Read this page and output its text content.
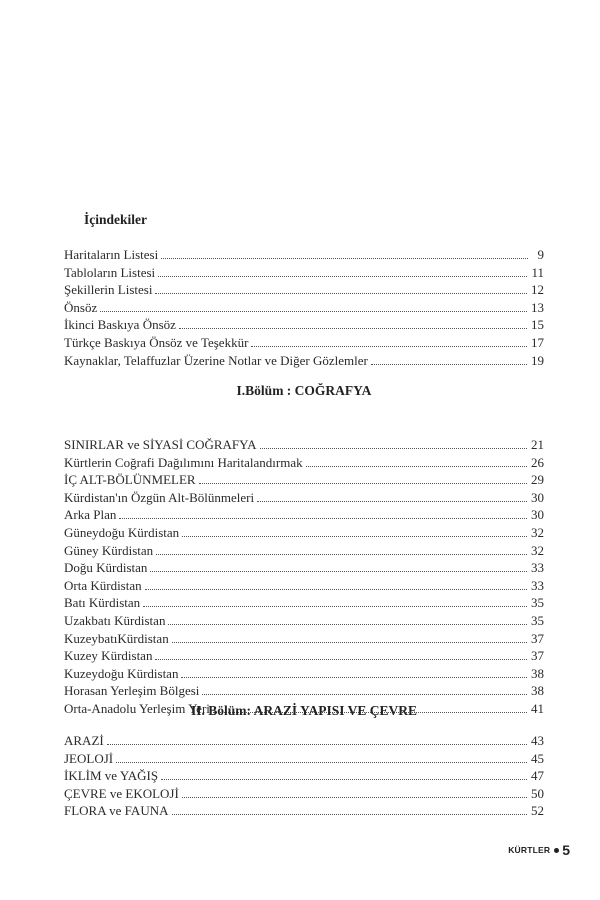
İçindekiler
Haritaların Listesi	9
Tabloların Listesi	11
Şekillerin Listesi	12
Önsöz	13
İkinci Baskıya Önsöz	15
Türkçe Baskıya Önsöz ve Teşekkür	17
Kaynaklar, Telaffuzlar Üzerine Notlar ve Diğer Gözlemler	19
I.Bölüm : COĞRAFYA
SINIRLAR ve SİYASİ COĞRAFYA	21
Kürtlerin Coğrafi Dağılımını Haritalandırmak	26
İÇ ALT-BÖLÜNMELER	29
Kürdistan'ın Özgün Alt-Bölünmeleri	30
Arka Plan	30
Güneydoğu Kürdistan	32
Güney Kürdistan	32
Doğu Kürdistan	33
Orta Kürdistan	33
Batı Kürdistan	35
Uzakbatı Kürdistan	35
KuzeybatıKürdistan	37
Kuzey Kürdistan	37
Kuzeydoğu Kürdistan	38
Horasan Yerleşim Bölgesi	38
Orta-Anadolu Yerleşim Yeri	41
II. Bölüm: ARAZİ YAPISI VE ÇEVRE
ARAZİ	43
JEOLOJİ	45
İKLİM ve YAĞIŞ	47
ÇEVRE ve EKOLOJİ	50
FLORA ve FAUNA	52
KÜRTLER 5
